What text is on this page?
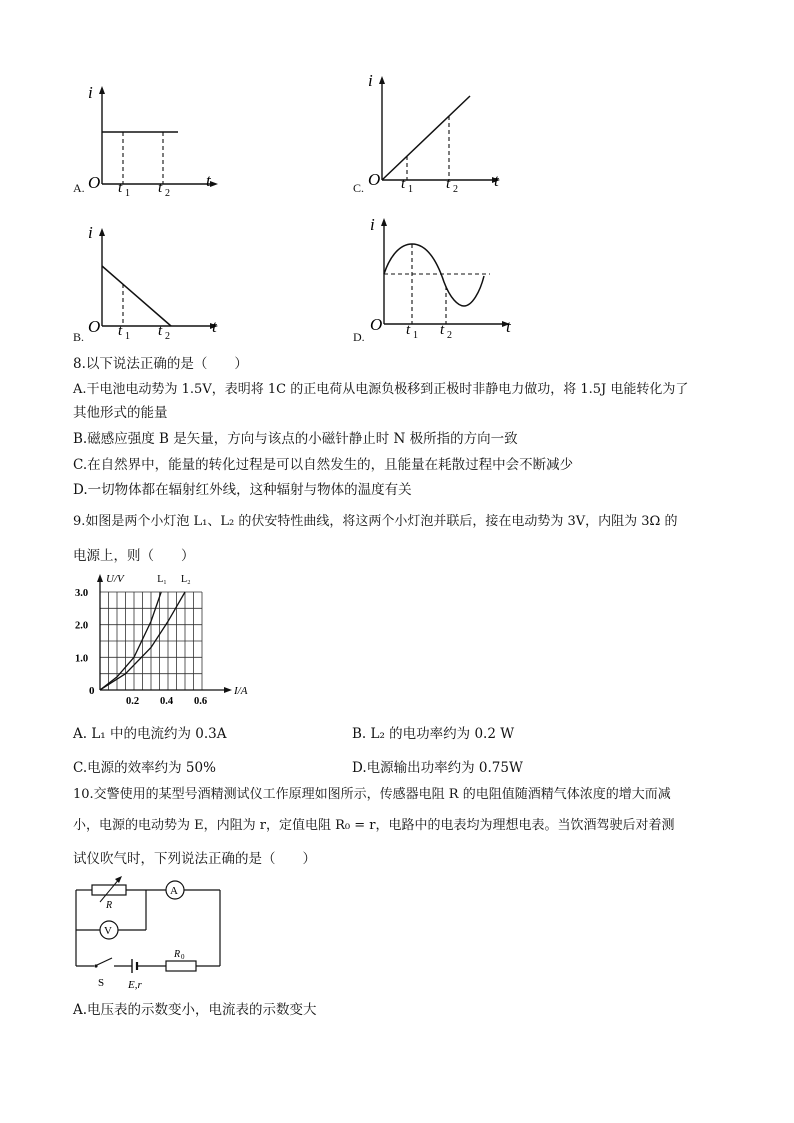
i
t
O t 1 t 2
A.
i
t
O t 1 t 2
C.
i
t
O t 1 t 2
B.
i
t
O t 1 t 2
D.
8.以下说法正确的是（　　）
A.干电池电动势为 1.5V，表明将 1C 的正电荷从电源负极移到正极时非静电力做功，将 1.5J 电能转化为了
其他形式的能量
B.磁感应强度 B 是矢量，方向与该点的小磁针静止时 N 极所指的方向一致
C.在自然界中，能量的转化过程是可以自然发生的，且能量在耗散过程中会不断减少
D.一切物体都在辐射红外线，这种辐射与物体的温度有关
9.如图是两个小灯泡 L₁、L₂ 的伏安特性曲线，将这两个小灯泡并联后，接在电动势为 3V，内阻为 3Ω 的
电源上，则（　　）
L₁ L₂
U/V
I/A
0
0.2 0.4 0.6
1.0
2.0
3.0
A. L₁ 中的电流约为 0.3A	B. L₂ 的电功率约为 0.2 W
C.电源的效率约为 50%	D.电源输出功率约为 0.75W
10.交警使用的某型号酒精测试仪工作原理如图所示，传感器电阻 R 的电阻值随酒精气体浓度的增大而减
小，电源的电动势为 E，内阻为 r，定值电阻 R₀ = r，电路中的电表均为理想电表。当饮酒驾驶后对着测
试仪吹气时，下列说法正确的是（　　）
R
A
V
R 0
S E,r
A.电压表的示数变小，电流表的示数变大
